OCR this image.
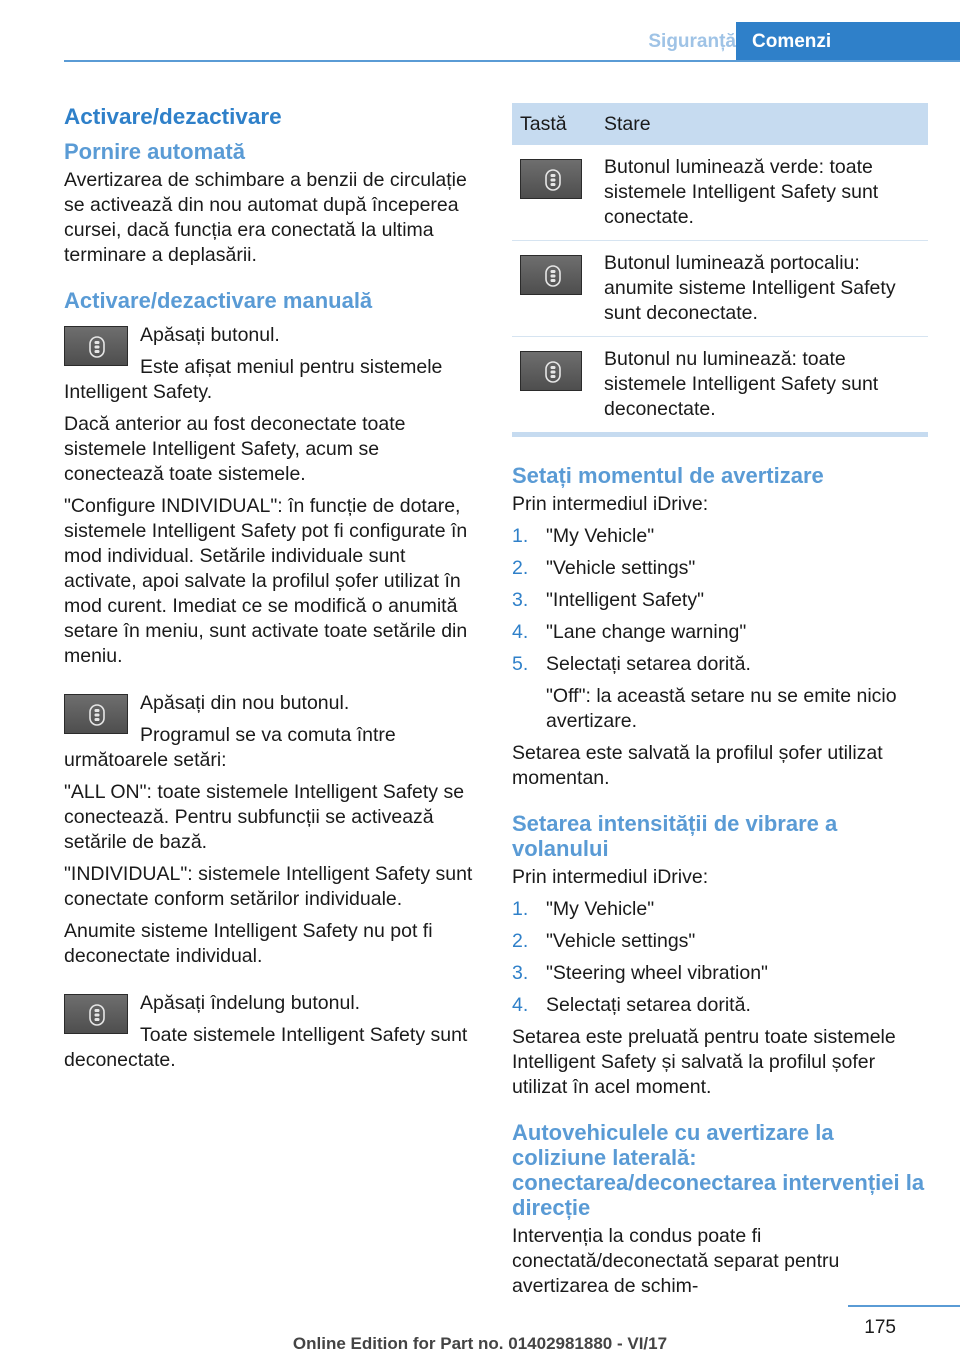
Siguranță Comenzi
Activare/dezactivare
Pornire automată

Avertizarea de schimbare a benzii de circulație se activează din nou automat după începerea cursei, dacă funcția era conectată la ultima terminare a deplasării.

Activare/dezactivare manuală

Apăsați butonul.

Este afișat meniul pentru sistemele Intelligent Safety.

Dacă anterior au fost deconectate toate sistemele Intelligent Safety, acum se conectează toate sistemele.

"Configure INDIVIDUAL": în funcție de dotare, sistemele Intelligent Safety pot fi configurate în mod individual. Setările individuale sunt activate, apoi salvate la profilul șofer utilizat în mod curent. Imediat ce se modifică o anumită setare în meniu, sunt activate toate setările din meniu.

Apăsați din nou butonul.

Programul se va comuta între următoarele setări:

"ALL ON": toate sistemele Intelligent Safety se conectează. Pentru subfuncții se activează setările de bază.

"INDIVIDUAL": sistemele Intelligent Safety sunt conectate conform setărilor individuale.

Anumite sisteme Intelligent Safety nu pot fi deconectate individual.

Apăsați îndelung butonul.

Toate sistemele Intelligent Safety sunt deconectate.

Tastă	Stare

	Butonul luminează verde: toate sistemele Intelligent Safety sunt conectate.

	Butonul luminează portocaliu: anumite sisteme Intelligent Safety sunt deconectate.

	Butonul nu luminează: toate sistemele Intelligent Safety sunt deconectate.
Setați momentul de avertizare

Prin intermediul iDrive:

1. "My Vehicle"
2. "Vehicle settings"
3. "Intelligent Safety"
4. "Lane change warning"
5. Selectați setarea dorită.
"Off": la această setare nu se emite nicio avertizare.

Setarea este salvată la profilul șofer utilizat momentan.

Setarea intensității de vibrare a volanului

Prin intermediul iDrive:

1. "My Vehicle"
2. "Vehicle settings"
3. "Steering wheel vibration"
4. Selectați setarea dorită.

Setarea este preluată pentru toate sistemele Intelligent Safety și salvată la profilul șofer utilizat în acel moment.

Autovehiculele cu avertizare la coliziune laterală: conectarea/deconectarea intervenției la direcție

Intervenția la condus poate fi conectată/deconectată separat pentru avertizarea de schim-

175
Online Edition for Part no. 01402981880 - VI/17
